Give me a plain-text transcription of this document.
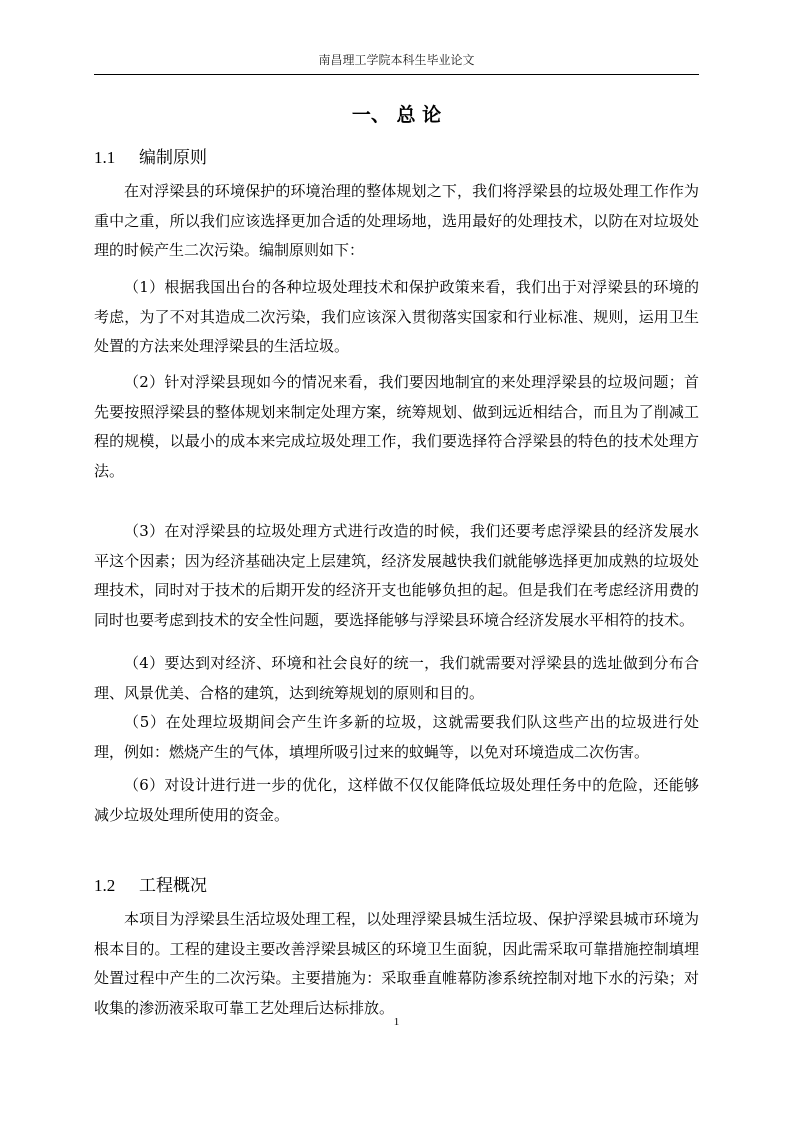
南昌理工学院本科生毕业论文
一、 总 论
1.1 编制原则

在对浮梁县的环境保护的环境治理的整体规划之下，我们将浮梁县的垃圾处理工作作为重中之重，所以我们应该选择更加合适的处理场地，选用最好的处理技术，以防在对垃圾处理的时候产生二次污染。编制原则如下：

（1）根据我国出台的各种垃圾处理技术和保护政策来看，我们出于对浮梁县的环境的考虑，为了不对其造成二次污染，我们应该深入贯彻落实国家和行业标准、规则，运用卫生处置的方法来处理浮梁县的生活垃圾。

（2）针对浮梁县现如今的情况来看，我们要因地制宜的来处理浮梁县的垃圾问题；首先要按照浮梁县的整体规划来制定处理方案，统筹规划、做到远近相结合，而且为了削减工程的规模，以最小的成本来完成垃圾处理工作，我们要选择符合浮梁县的特色的技术处理方法。

（3）在对浮梁县的垃圾处理方式进行改造的时候，我们还要考虑浮梁县的经济发展水平这个因素；因为经济基础决定上层建筑，经济发展越快我们就能够选择更加成熟的垃圾处理技术，同时对于技术的后期开发的经济开支也能够负担的起。但是我们在考虑经济用费的同时也要考虑到技术的安全性问题，要选择能够与浮梁县环境合经济发展水平相符的技术。

（4）要达到对经济、环境和社会良好的统一，我们就需要对浮梁县的选址做到分布合理、风景优美、合格的建筑，达到统筹规划的原则和目的。

（5）在处理垃圾期间会产生许多新的垃圾，这就需要我们队这些产出的垃圾进行处理，例如：燃烧产生的气体，填埋所吸引过来的蚊蝇等，以免对环境造成二次伤害。

（6）对设计进行进一步的优化，这样做不仅仅能降低垃圾处理任务中的危险，还能够减少垃圾处理所使用的资金。

1.2 工程概况

本项目为浮梁县生活垃圾处理工程，以处理浮梁县城生活垃圾、保护浮梁县城市环境为根本目的。工程的建设主要改善浮梁县城区的环境卫生面貌，因此需采取可靠措施控制填埋处置过程中产生的二次污染。主要措施为：采取垂直帷幕防渗系统控制对地下水的污染；对收集的渗沥液采取可靠工艺处理后达标排放。

1
